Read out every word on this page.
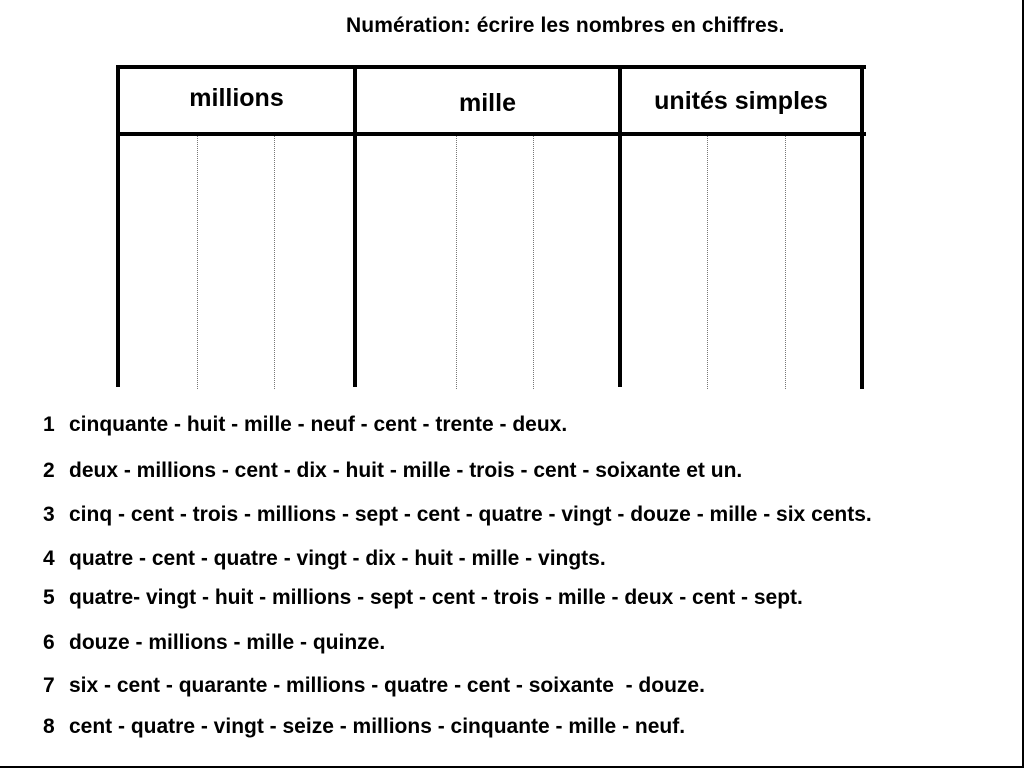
Numération: écrire les nombres en chiffres.
millions	mille	unités simples
1 cinquante - huit - mille - neuf - cent - trente - deux.
2 deux - millions - cent - dix - huit - mille - trois - cent - soixante et un.
3 cinq - cent - trois - millions - sept - cent - quatre - vingt - douze - mille - six cents.
4 quatre - cent - quatre - vingt - dix - huit - mille - vingts.
5 quatre- vingt - huit - millions - sept - cent - trois - mille - deux - cent - sept.
6 douze - millions - mille - quinze.
7 six - cent - quarante - millions - quatre - cent - soixante  - douze.
8 cent - quatre - vingt - seize - millions - cinquante - mille - neuf.
